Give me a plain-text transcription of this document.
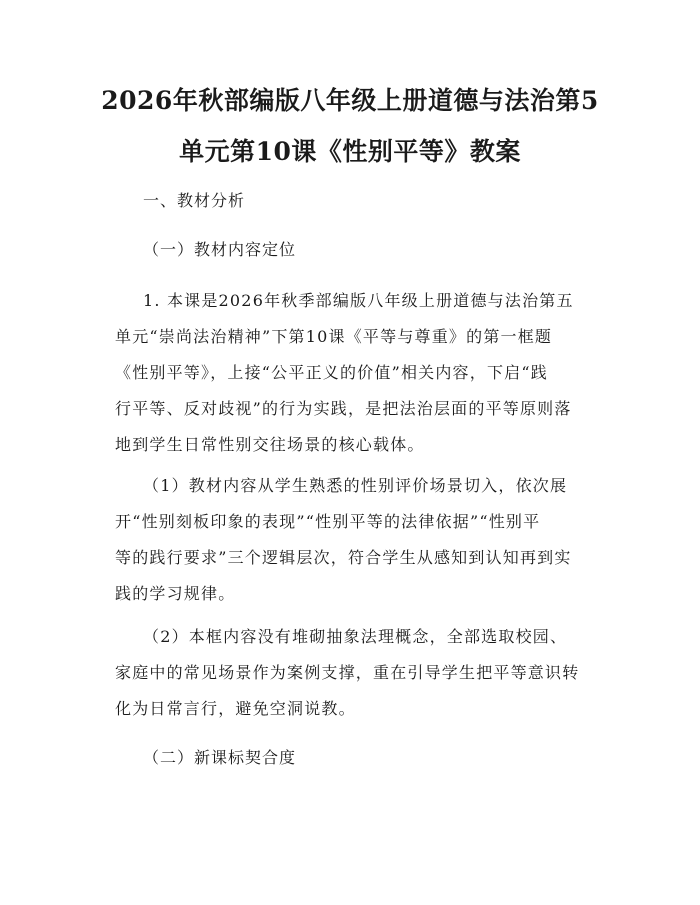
2026年秋部编版八年级上册道德与法治第5
单元第10课《性别平等》教案

一、教材分析

（一）教材内容定位

1. 本课是2026年秋季部编版八年级上册道德与法治第五
单元“崇尚法治精神”下第10课《平等与尊重》的第一框题
《性别平等》，上接“公平正义的价值”相关内容，下启“践
行平等、反对歧视”的行为实践，是把法治层面的平等原则落
地到学生日常性别交往场景的核心载体。
（1）教材内容从学生熟悉的性别评价场景切入，依次展
开“性别刻板印象的表现”“性别平等的法律依据”“性别平
等的践行要求”三个逻辑层次，符合学生从感知到认知再到实
践的学习规律。
（2）本框内容没有堆砌抽象法理概念，全部选取校园、
家庭中的常见场景作为案例支撑，重在引导学生把平等意识转
化为日常言行，避免空洞说教。

（二）新课标契合度
